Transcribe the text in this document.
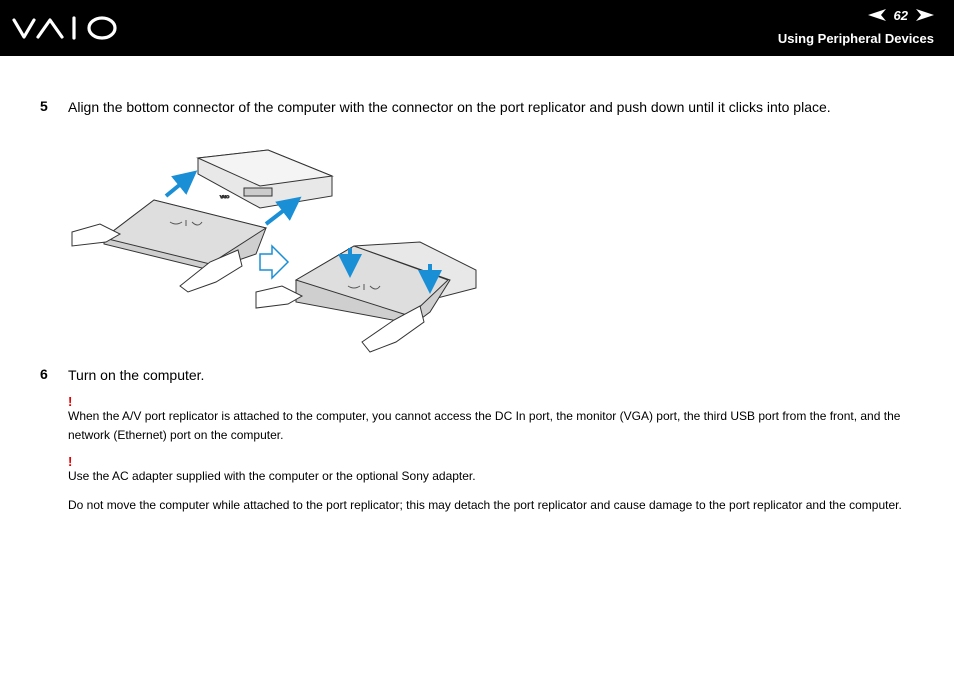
62
Using Peripheral Devices
5 Align the bottom connector of the computer with the connector on the port replicator and push down until it clicks into place.
VAIO
6 Turn on the computer.
!
When the A/V port replicator is attached to the computer, you cannot access the DC In port, the monitor (VGA) port, the third USB port from the front, and the network (Ethernet) port on the computer.
!
Use the AC adapter supplied with the computer or the optional Sony adapter.
Do not move the computer while attached to the port replicator; this may detach the port replicator and cause damage to the port replicator and the computer.
